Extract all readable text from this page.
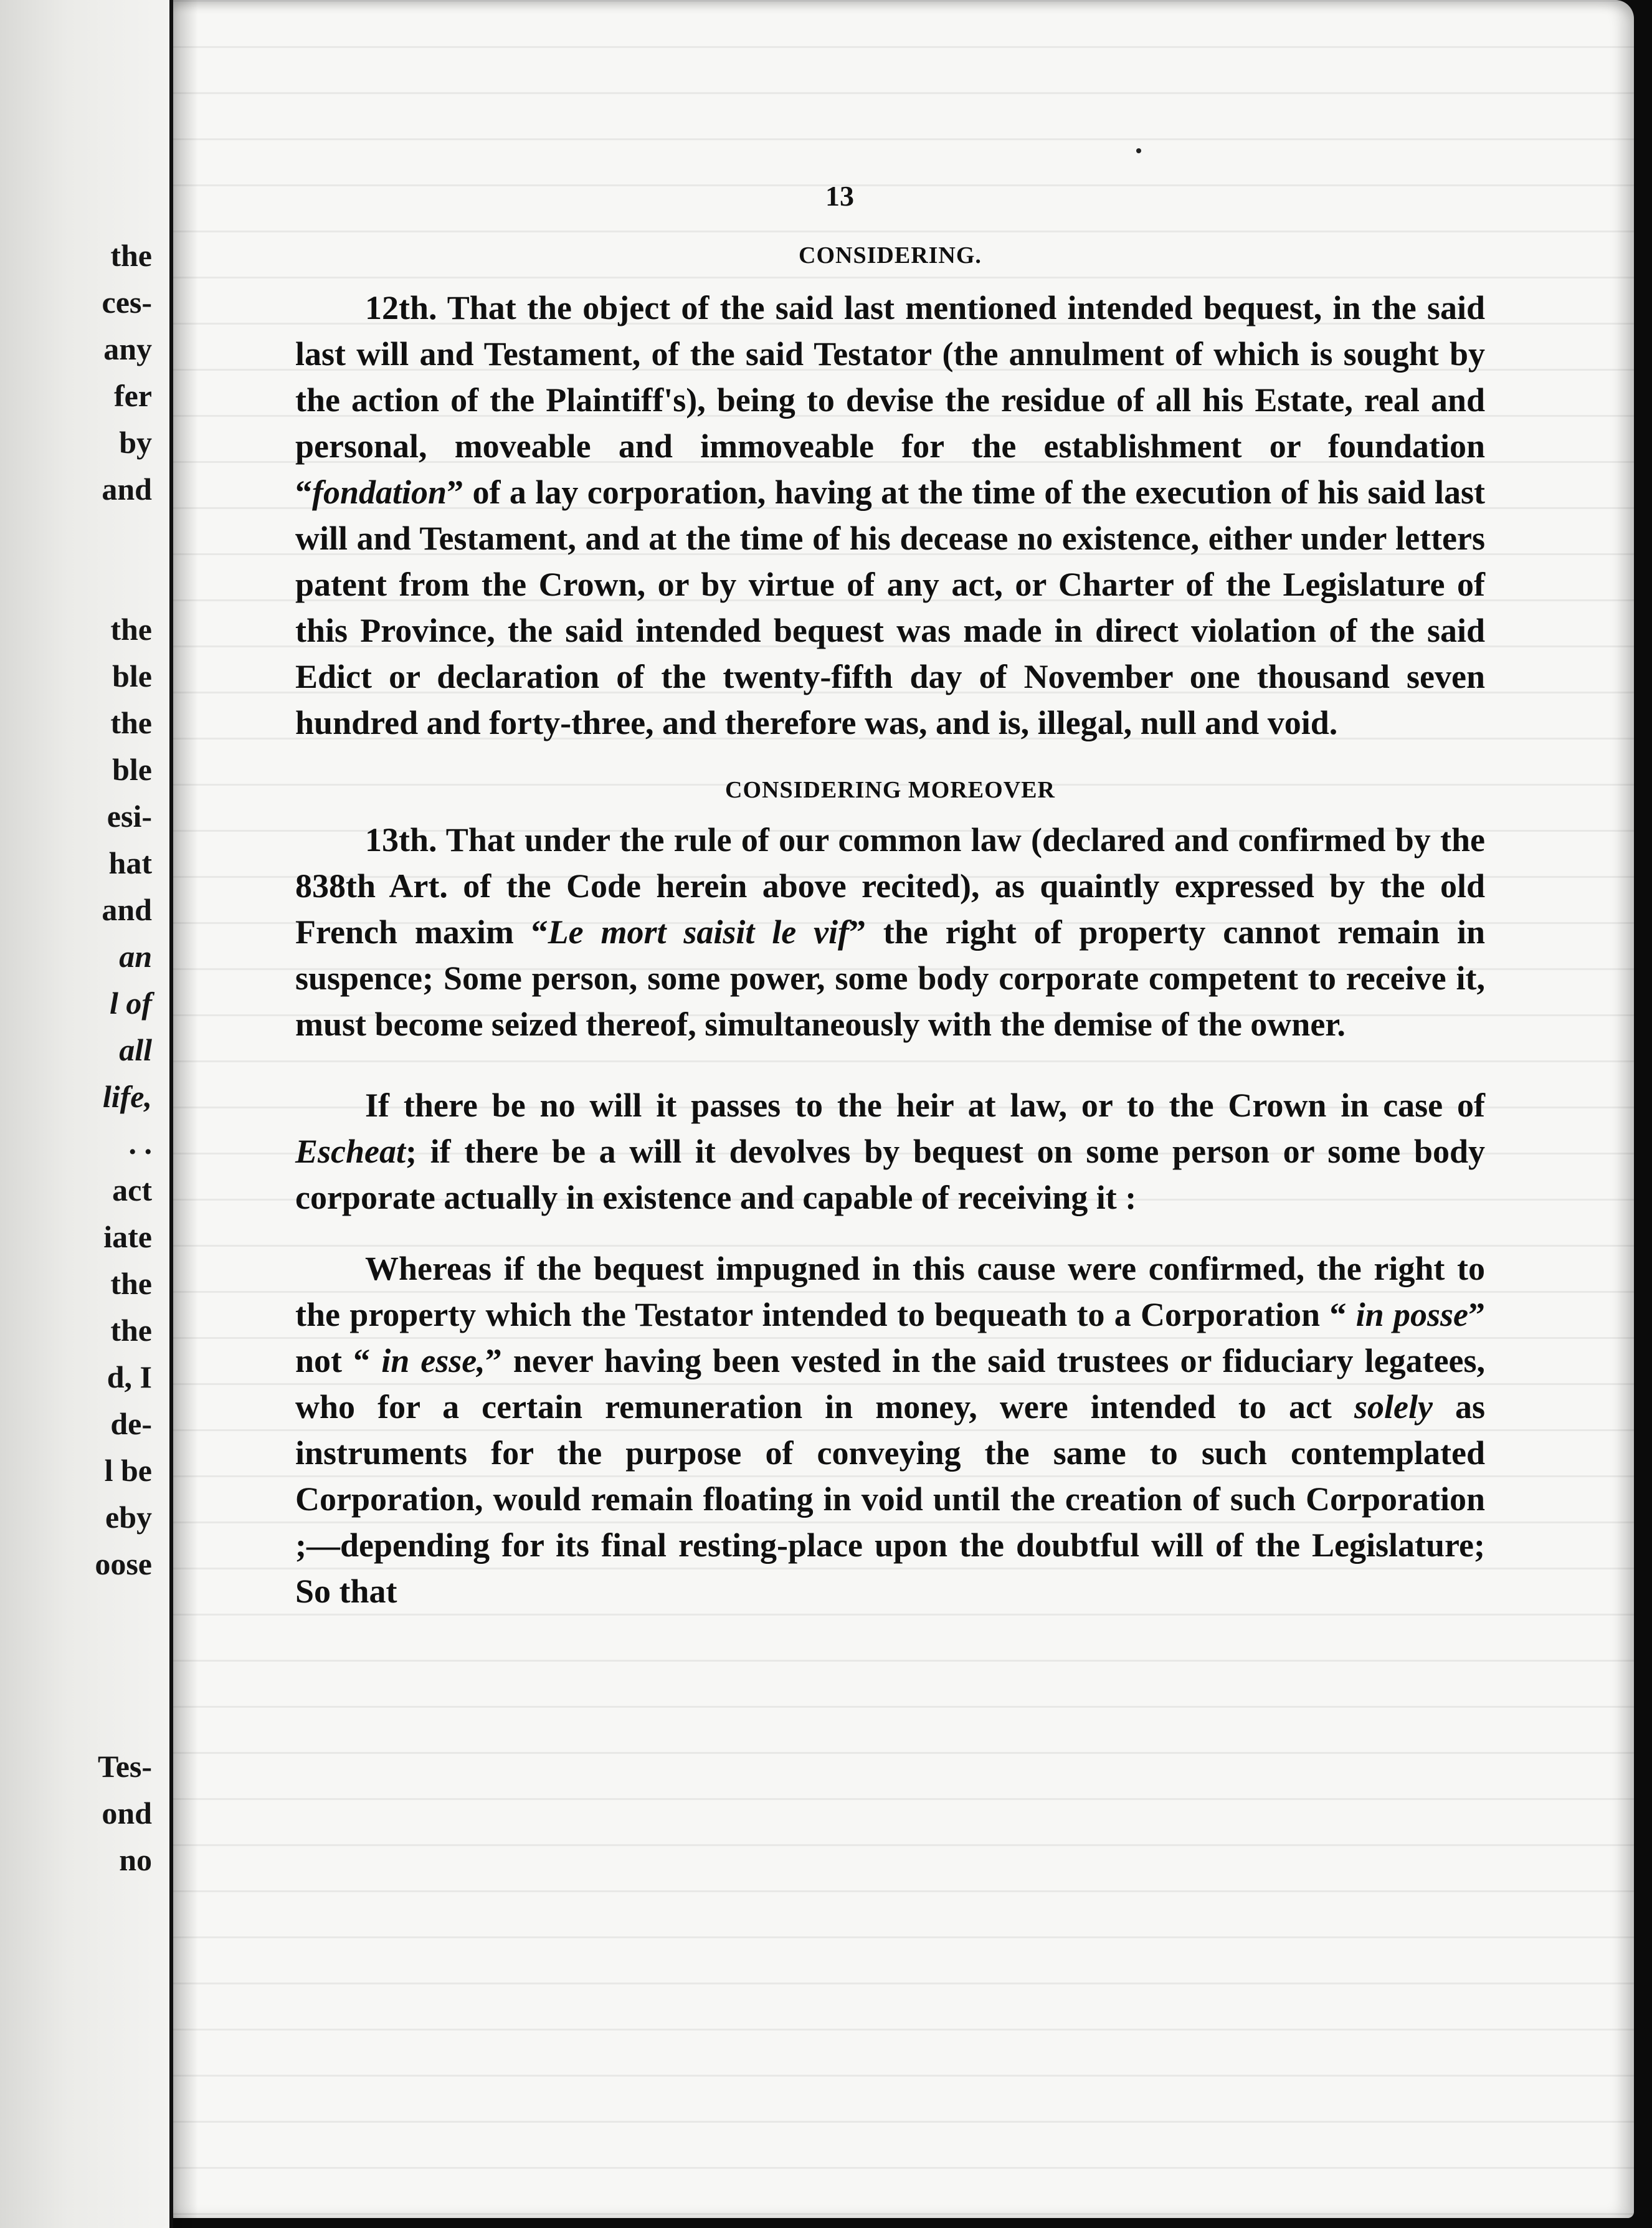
the
ces-
any
fer
by
and
the
ble
the
ble
esi-
hat
and
an
l of
all
life,
. .
act
iate
the
the
d, I
de-
l be
eby
oose
Tes-
ond
no
13
CONSIDERING.

12th. That the object of the said last mentioned intended bequest, in the said last will and Testament, of the said Testator (the annulment of which is sought by the action of the Plaintiff's), being to devise the residue of all his Estate, real and personal, moveable and immoveable for the establishment or foundation “fondation” of a lay corporation, having at the time of the execution of his said last will and Testament, and at the time of his decease no existence, either under letters patent from the Crown, or by virtue of any act, or Charter of the Legislature of this Province, the said intended bequest was made in direct violation of the said Edict or declaration of the twenty-fifth day of November one thousand seven hundred and forty-three, and therefore was, and is, illegal, null and void.

CONSIDERING MOREOVER

13th. That under the rule of our common law (declared and confirmed by the 838th Art. of the Code herein above recited), as quaintly expressed by the old French maxim “Le mort saisit le vif” the right of property cannot remain in suspence; Some person, some power, some body corporate competent to receive it, must become seized thereof, simultaneously with the demise of the owner.

If there be no will it passes to the heir at law, or to the Crown in case of Escheat; if there be a will it devolves by bequest on some person or some body corporate actually in existence and capable of receiving it :

Whereas if the bequest impugned in this cause were confirmed, the right to the property which the Testator intended to bequeath to a Corporation “ in posse” not “ in esse,” never having been vested in the said trustees or fiduciary legatees, who for a certain remuneration in money, were intended to act solely as instruments for the purpose of conveying the same to such contemplated Corporation, would remain floating in void until the creation of such Corporation ;—depending for its final resting-place upon the doubtful will of the Legislature; So that
